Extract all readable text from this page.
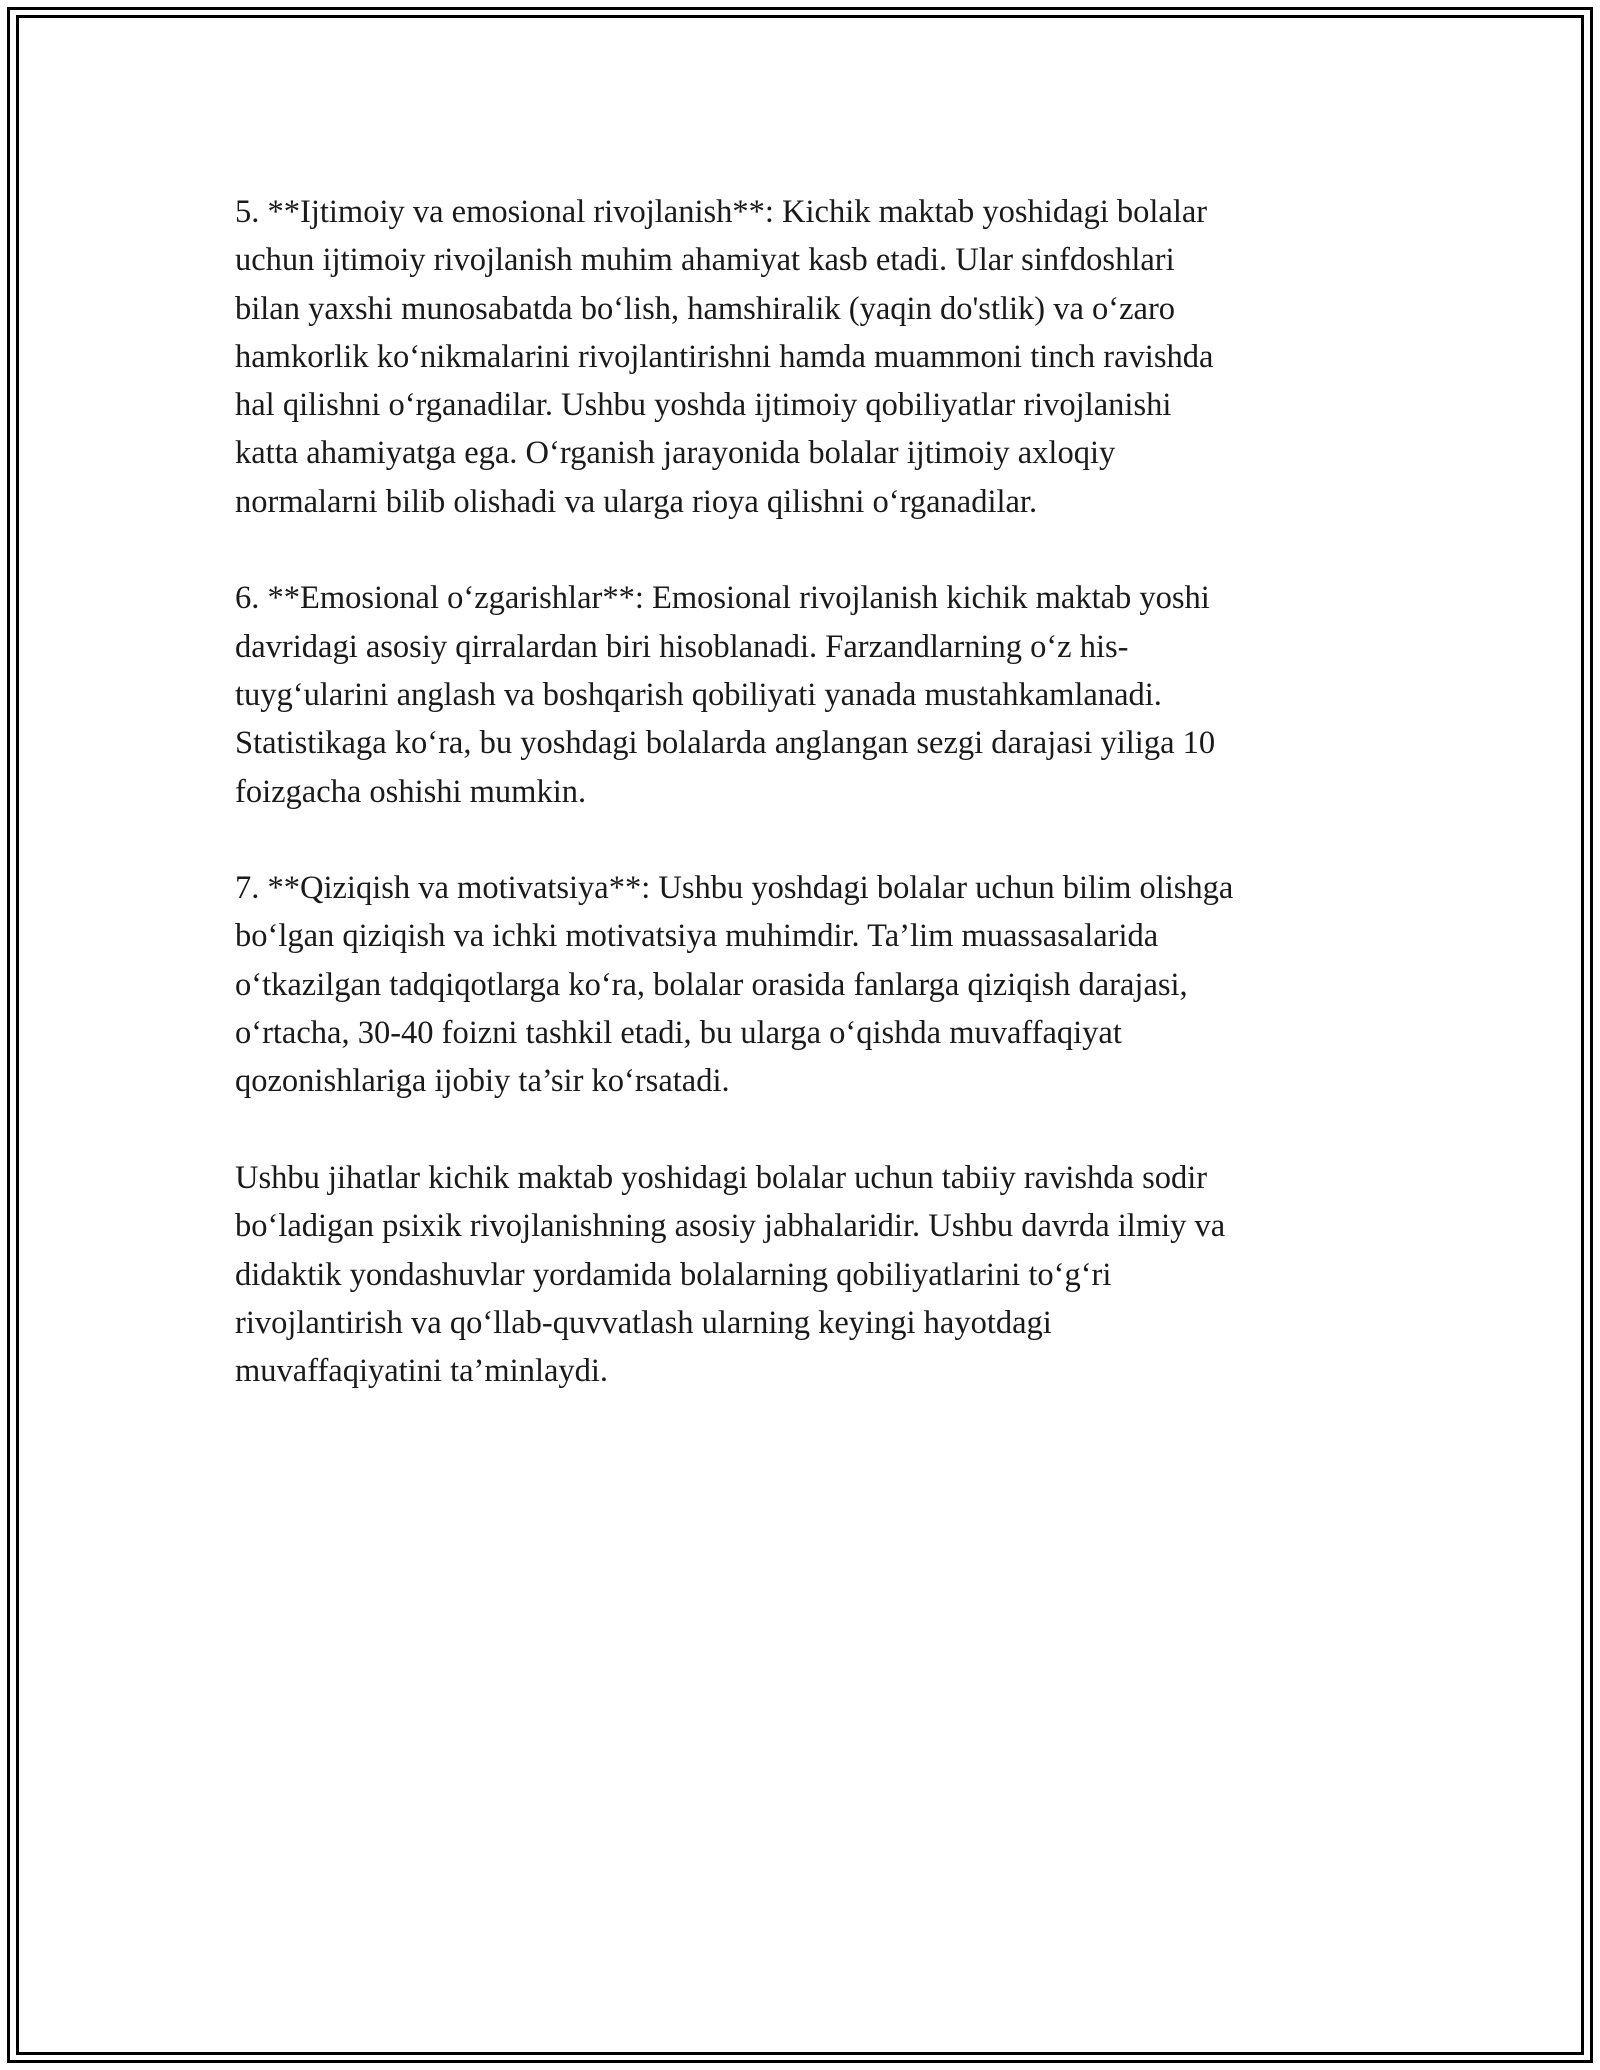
5. **Ijtimoiy va emosional rivojlanish**: Kichik maktab yoshidagi bolalar
uchun ijtimoiy rivojlanish muhim ahamiyat kasb etadi. Ular sinfdoshlari
bilan yaxshi munosabatda bo‘lish, hamshiralik (yaqin do'stlik) va o‘zaro
hamkorlik ko‘nikmalarini rivojlantirishni hamda muammoni tinch ravishda
hal qilishni o‘rganadilar. Ushbu yoshda ijtimoiy qobiliyatlar rivojlanishi
katta ahamiyatga ega. O‘rganish jarayonida bolalar ijtimoiy axloqiy
normalarni bilib olishadi va ularga rioya qilishni o‘rganadilar.

6. **Emosional o‘zgarishlar**: Emosional rivojlanish kichik maktab yoshi
davridagi asosiy qirralardan biri hisoblanadi. Farzandlarning o‘z his-
tuyg‘ularini anglash va boshqarish qobiliyati yanada mustahkamlanadi.
Statistikaga ko‘ra, bu yoshdagi bolalarda anglangan sezgi darajasi yiliga 10
foizgacha oshishi mumkin.

7. **Qiziqish va motivatsiya**: Ushbu yoshdagi bolalar uchun bilim olishga
bo‘lgan qiziqish va ichki motivatsiya muhimdir. Ta’lim muassasalarida
o‘tkazilgan tadqiqotlarga ko‘ra, bolalar orasida fanlarga qiziqish darajasi,
o‘rtacha, 30-40 foizni tashkil etadi, bu ularga o‘qishda muvaffaqiyat
qozonishlariga ijobiy ta’sir ko‘rsatadi.

Ushbu jihatlar kichik maktab yoshidagi bolalar uchun tabiiy ravishda sodir
bo‘ladigan psixik rivojlanishning asosiy jabhalaridir. Ushbu davrda ilmiy va
didaktik yondashuvlar yordamida bolalarning qobiliyatlarini to‘g‘ri
rivojlantirish va qo‘llab-quvvatlash ularning keyingi hayotdagi
muvaffaqiyatini ta’minlaydi.
